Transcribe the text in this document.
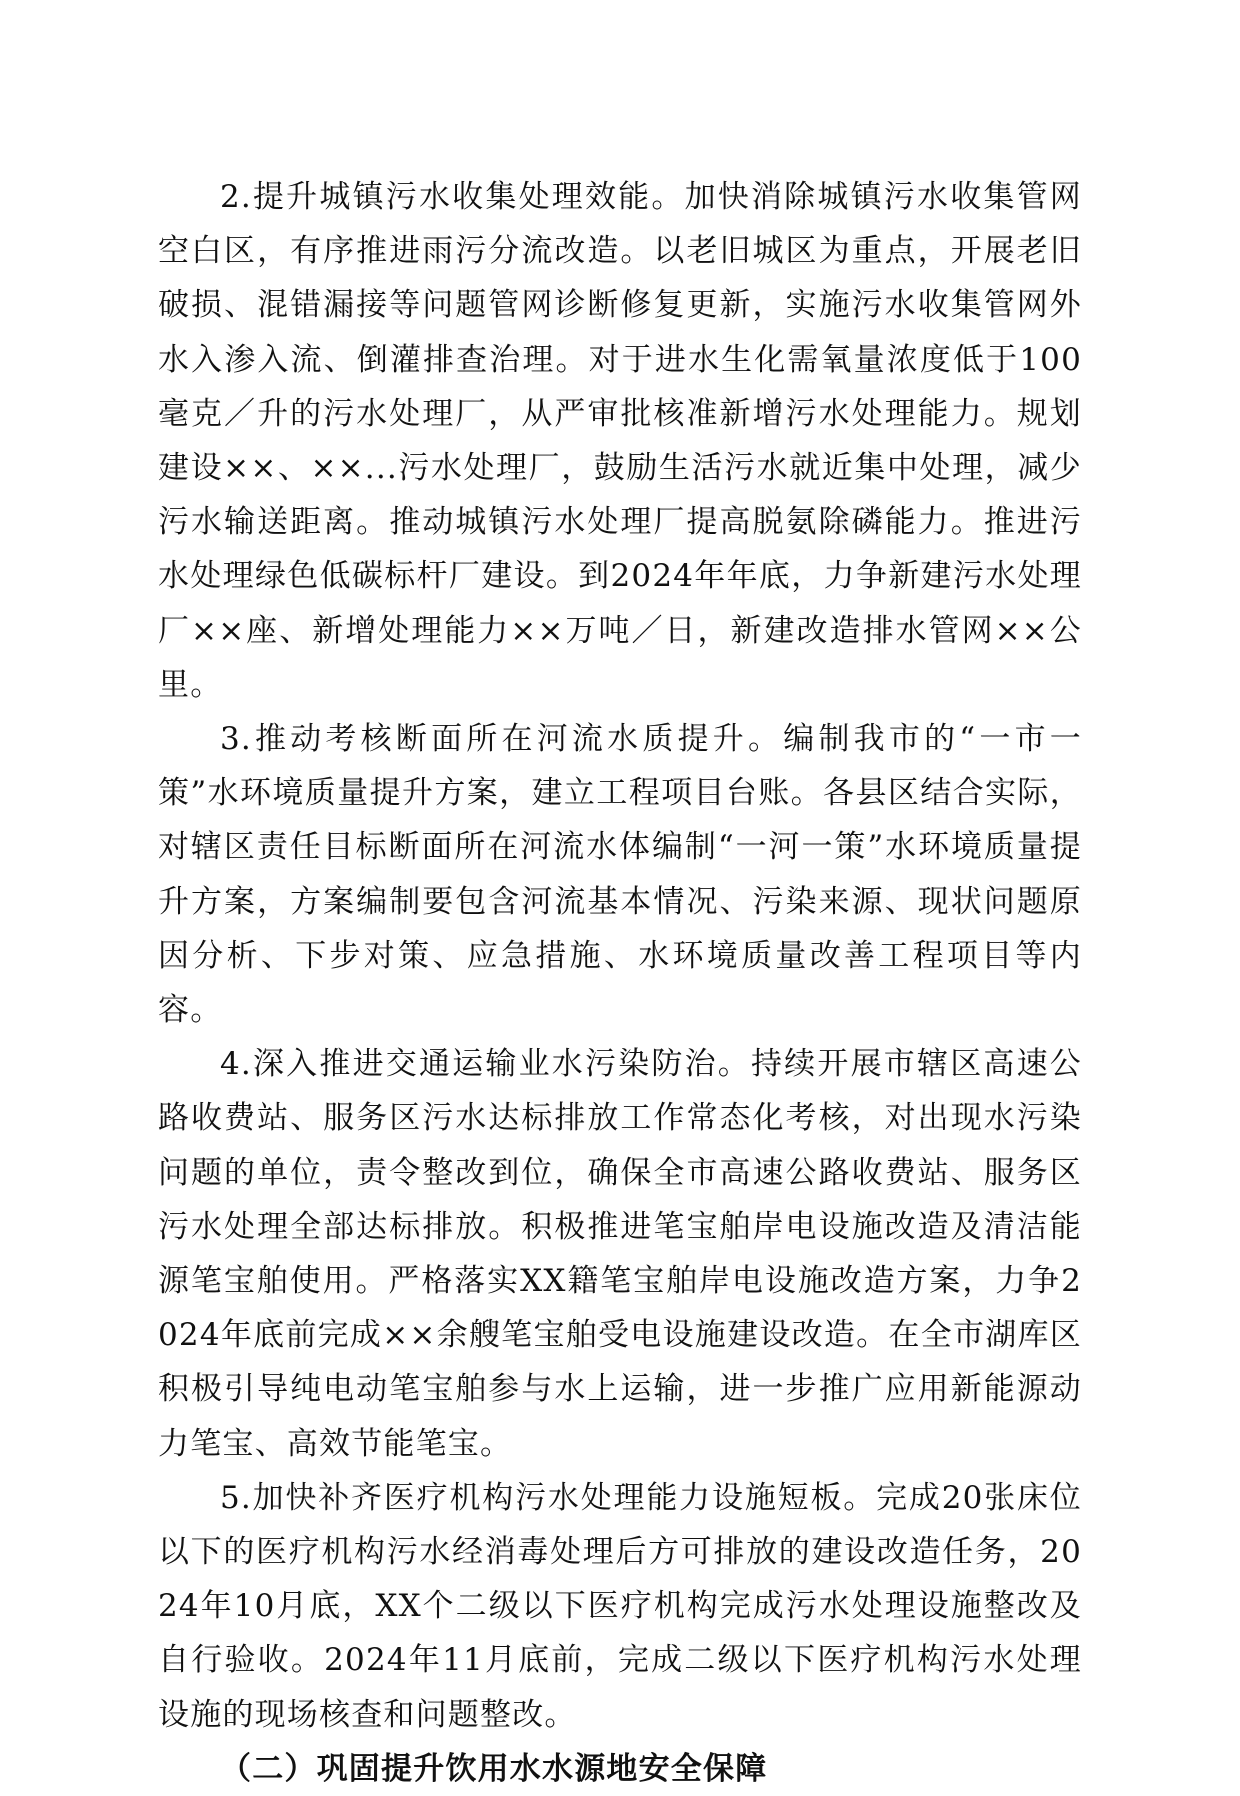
2.提升城镇污水收集处理效能。加快消除城镇污水收集管网空白区，有序推进雨污分流改造。以老旧城区为重点，开展老旧破损、混错漏接等问题管网诊断修复更新，实施污水收集管网外水入渗入流、倒灌排查治理。对于进水生化需氧量浓度低于100毫克／升的污水处理厂，从严审批核准新增污水处理能力。规划建设××、××...污水处理厂，鼓励生活污水就近集中处理，减少污水输送距离。推动城镇污水处理厂提高脱氨除磷能力。推进污水处理绿色低碳标杆厂建设。到2024年年底，力争新建污水处理厂××座、新增处理能力××万吨／日，新建改造排水管网××公里。

3.推动考核断面所在河流水质提升。编制我市的“一市一策”水环境质量提升方案，建立工程项目台账。各县区结合实际，对辖区责任目标断面所在河流水体编制“一河一策”水环境质量提升方案，方案编制要包含河流基本情况、污染来源、现状问题原因分析、下步对策、应急措施、水环境质量改善工程项目等内容。

4.深入推进交通运输业水污染防治。持续开展市辖区高速公路收费站、服务区污水达标排放工作常态化考核，对出现水污染问题的单位，责令整改到位，确保全市高速公路收费站、服务区污水处理全部达标排放。积极推进笔宝舶岸电设施改造及清洁能源笔宝舶使用。严格落实XX籍笔宝舶岸电设施改造方案，力争2024年底前完成××余艘笔宝舶受电设施建设改造。在全市湖库区积极引导纯电动笔宝舶参与水上运输，进一步推广应用新能源动力笔宝、高效节能笔宝。

5.加快补齐医疗机构污水处理能力设施短板。完成20张床位以下的医疗机构污水经消毒处理后方可排放的建设改造任务，2024年10月底，XX个二级以下医疗机构完成污水处理设施整改及自行验收。2024年11月底前，完成二级以下医疗机构污水处理设施的现场核查和问题整改。

（二）巩固提升饮用水水源地安全保障
